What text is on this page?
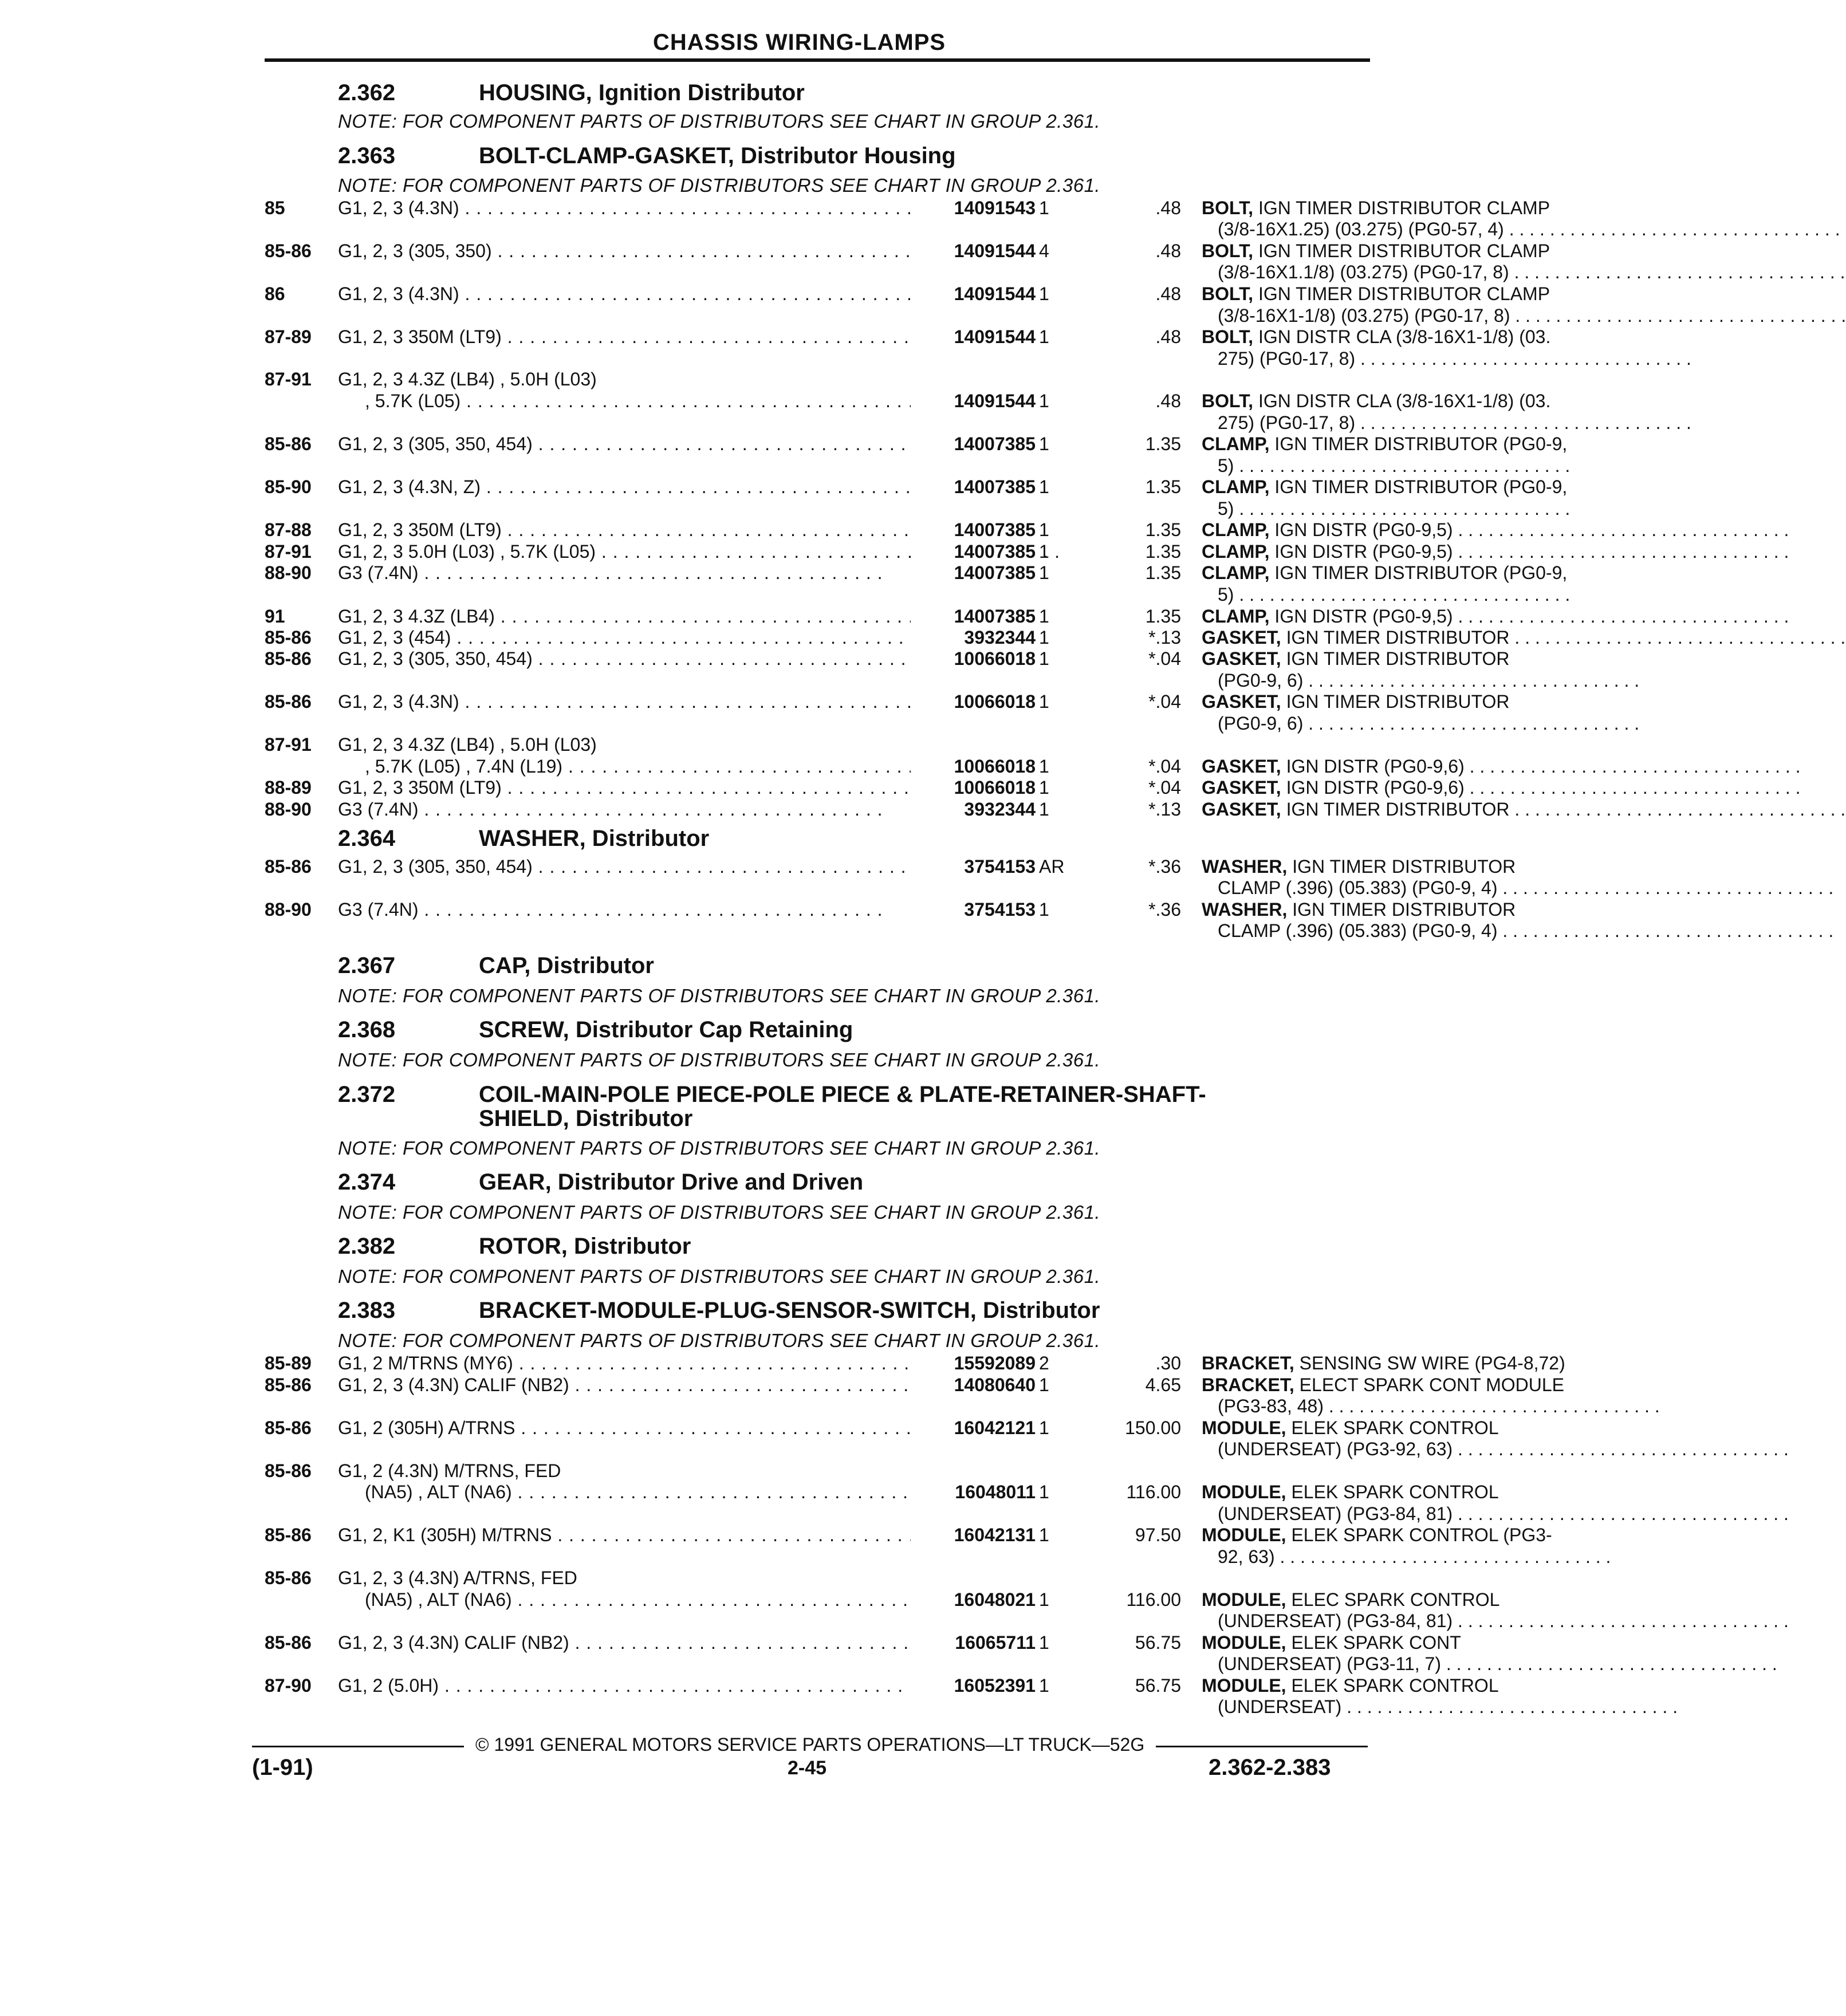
CHASSIS WIRING-LAMPS
2.362	HOUSING, Ignition Distributor
NOTE: FOR COMPONENT PARTS OF DISTRIBUTORS SEE CHART IN GROUP 2.361.
2.363	BOLT-CLAMP-GASKET, Distributor Housing
NOTE: FOR COMPONENT PARTS OF DISTRIBUTORS SEE CHART IN GROUP 2.361.
2.364	WASHER, Distributor
2.367	CAP, Distributor
NOTE: FOR COMPONENT PARTS OF DISTRIBUTORS SEE CHART IN GROUP 2.361.
2.368	SCREW, Distributor Cap Retaining
NOTE: FOR COMPONENT PARTS OF DISTRIBUTORS SEE CHART IN GROUP 2.361.
2.372	COIL-MAIN-POLE PIECE-POLE PIECE & PLATE-RETAINER-SHAFT-SHIELD, Distributor
NOTE: FOR COMPONENT PARTS OF DISTRIBUTORS SEE CHART IN GROUP 2.361.
2.374	GEAR, Distributor Drive and Driven
NOTE: FOR COMPONENT PARTS OF DISTRIBUTORS SEE CHART IN GROUP 2.361.
2.382	ROTOR, Distributor
NOTE: FOR COMPONENT PARTS OF DISTRIBUTORS SEE CHART IN GROUP 2.361.
2.383	BRACKET-MODULE-PLUG-SENSOR-SWITCH, Distributor
NOTE: FOR COMPONENT PARTS OF DISTRIBUTORS SEE CHART IN GROUP 2.361.
85	G1, 2, 3 (4.3N) . . .	14091543 1	.48 BOLT, IGN TIMER DISTRIBUTOR CLAMP
(3/8-16X1.25) (03.275) (PG0-57, 4) . . .
85-86 G1, 2, 3 (305, 350) . . .	14091544 4	.48 BOLT, IGN TIMER DISTRIBUTOR CLAMP
(3/8-16X1.1/8) (03.275) (PG0-17, 8) . . .
86	G1, 2, 3 (4.3N) . . .	14091544 1	.48 BOLT, IGN TIMER DISTRIBUTOR CLAMP
(3/8-16X1-1/8) (03.275) (PG0-17, 8) . . .
87-89 G1, 2, 3 350M (LT9) . . .	14091544 1	.48 BOLT, IGN DISTR CLA (3/8-16X1-1/8) (03.
275) (PG0-17, 8) . . .
87-91 G1, 2, 3 4.3Z (LB4) , 5.0H (L03)
, 5.7K (L05) . . .	14091544 1	.48 BOLT, IGN DISTR CLA (3/8-16X1-1/8) (03.
275) (PG0-17, 8) . . .
85-86 G1, 2, 3 (305, 350, 454) . . .	14007385 1	1.35 CLAMP, IGN TIMER DISTRIBUTOR (PG0-9,
5) . . .
85-90 G1, 2, 3 (4.3N, Z) . . .	14007385 1	1.35 CLAMP, IGN TIMER DISTRIBUTOR (PG0-9,
5) . . .
87-88 G1, 2, 3 350M (LT9) . . .	14007385 1	1.35 CLAMP, IGN DISTR (PG0-9,5) . . .
87-91 G1, 2, 3 5.0H (L03) , 5.7K (L05) . . .	14007385 1	1.35 CLAMP, IGN DISTR (PG0-9,5) . . .
88-90 G3 (7.4N) . . .	14007385 1	1.35 CLAMP, IGN TIMER DISTRIBUTOR (PG0-9,
5) . . .
91	G1, 2, 3 4.3Z (LB4) . . .	14007385 1	1.35 CLAMP, IGN DISTR (PG0-9,5) . . .
85-86 G1, 2, 3 (454) . . .	3932344 1	*.13 GASKET, IGN TIMER DISTRIBUTOR . . .
85-86 G1, 2, 3 (305, 350, 454) . . .	10066018 1	*.04 GASKET, IGN TIMER DISTRIBUTOR
(PG0-9, 6) . . .
85-86 G1, 2, 3 (4.3N) . . .	10066018 1	*.04 GASKET, IGN TIMER DISTRIBUTOR
(PG0-9, 6) . . .
87-91 G1, 2, 3 4.3Z (LB4) , 5.0H (L03)
, 5.7K (L05) , 7.4N (L19) . . .	10066018 1	*.04 GASKET, IGN DISTR (PG0-9,6) . . .
88-89 G1, 2, 3 350M (LT9) . . .	10066018 1	*.04 GASKET, IGN DISTR (PG0-9,6) . . .
88-90 G3 (7.4N) . . .	3932344 1	*.13 GASKET, IGN TIMER DISTRIBUTOR . . .
85-86 G1, 2, 3 (305, 350, 454) . . .	3754153 AR	*.36 WASHER, IGN TIMER DISTRIBUTOR
CLAMP (.396) (05.383) (PG0-9, 4) . . .
88-90 G3 (7.4N) . . .	3754153 1	*.36 WASHER, IGN TIMER DISTRIBUTOR
CLAMP (.396) (05.383) (PG0-9, 4) . . .
85-89 G1, 2 M/TRNS (MY6) . . .	15592089 2	.30 BRACKET, SENSING SW WIRE (PG4-8,72)
85-86 G1, 2, 3 (4.3N) CALIF (NB2) . . .	14080640 1	4.65 BRACKET, ELECT SPARK CONT MODULE
(PG3-83, 48) . . .
85-86 G1, 2 (305H) A/TRNS . . .	16042121 1	150.00 MODULE, ELEK SPARK CONTROL
(UNDERSEAT) (PG3-92, 63) . . .
85-86 G1, 2 (4.3N) M/TRNS, FED
(NA5) , ALT (NA6) . . .	16048011 1	116.00 MODULE, ELEK SPARK CONTROL
(UNDERSEAT) (PG3-84, 81) . . .
85-86 G1, 2, K1 (305H) M/TRNS . . .	16042131 1	97.50 MODULE, ELEK SPARK CONTROL (PG3-
92, 63) . . .
85-86 G1, 2, 3 (4.3N) A/TRNS, FED
(NA5) , ALT (NA6) . . .	16048021 1	116.00 MODULE, ELEC SPARK CONTROL
(UNDERSEAT) (PG3-84, 81) . . .
85-86 G1, 2, 3 (4.3N) CALIF (NB2) . . .	16065711 1	56.75 MODULE, ELEK SPARK CONT
(UNDERSEAT) (PG3-11, 7) . . .
87-90 G1, 2 (5.0H) . . .	16052391 1	56.75 MODULE, ELEK SPARK CONTROL
(UNDERSEAT) . . .
© 1991 GENERAL MOTORS SERVICE PARTS OPERATIONS—LT TRUCK—52G
(1-91)	2-45	2.362-2.383
